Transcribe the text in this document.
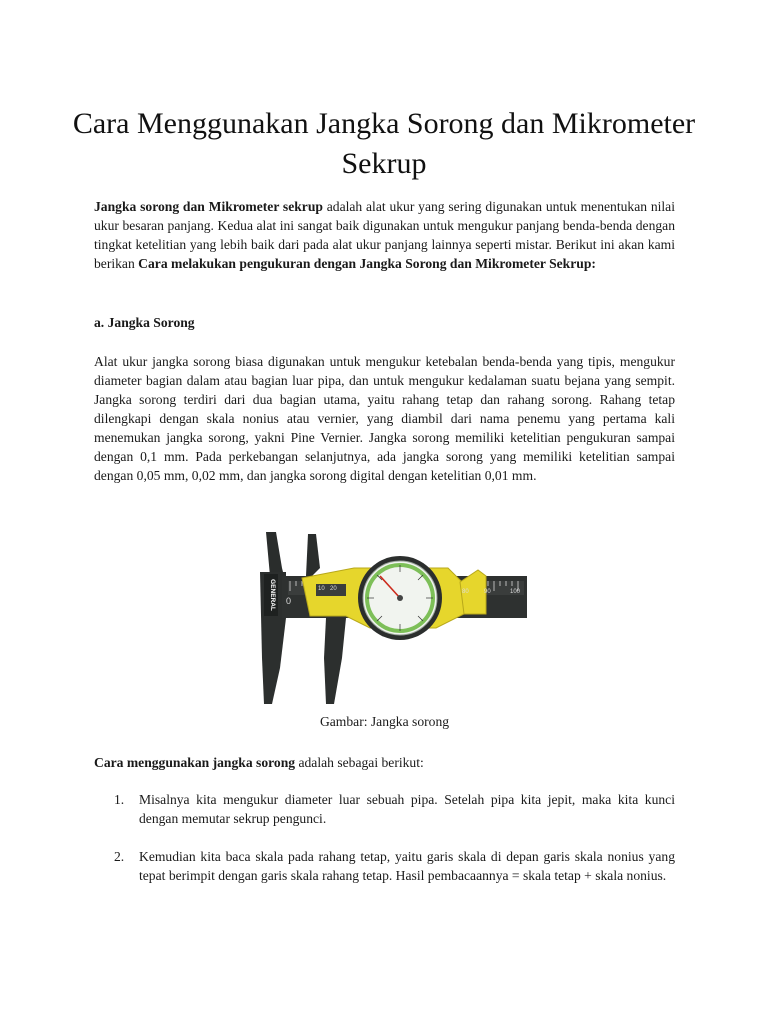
Cara Menggunakan Jangka Sorong dan Mikrometer Sekrup

Jangka sorong dan Mikrometer sekrup adalah alat ukur yang sering digunakan untuk menentukan nilai ukur besaran panjang. Kedua alat ini sangat baik digunakan untuk mengukur panjang benda-benda dengan tingkat ketelitian yang lebih baik dari pada alat ukur panjang lainnya seperti mistar. Berikut ini akan kami berikan Cara melakukan pengukuran dengan Jangka Sorong dan Mikrometer Sekrup:

a. Jangka Sorong

Alat ukur jangka sorong biasa digunakan untuk mengukur ketebalan benda-benda yang tipis, mengukur diameter bagian dalam atau bagian luar pipa, dan untuk mengukur kedalaman suatu bejana yang sempit. Jangka sorong terdiri dari dua bagian utama, yaitu rahang tetap dan rahang sorong. Rahang tetap dilengkapi dengan skala nonius atau vernier, yang diambil dari nama penemu yang pertama kali menemukan jangka sorong, yakni Pine Vernier. Jangka sorong memiliki ketelitian pengukuran sampai dengan 0,1 mm. Pada perkebangan selanjutnya, ada jangka sorong yang memiliki ketelitian sampai dengan 0,05 mm, 0,02 mm, dan jangka sorong digital dengan ketelitian 0,01 mm.

GENERAL 0
10 20	80	90	100

Gambar: Jangka sorong

Cara menggunakan jangka sorong adalah sebagai berikut:

1. Misalnya kita mengukur diameter luar sebuah pipa. Setelah pipa kita jepit, maka kita kunci dengan memutar sekrup pengunci.
2. Kemudian kita baca skala pada rahang tetap, yaitu garis skala di depan garis skala nonius yang tepat berimpit dengan garis skala rahang tetap. Hasil pembacaannya = skala tetap + skala nonius.
